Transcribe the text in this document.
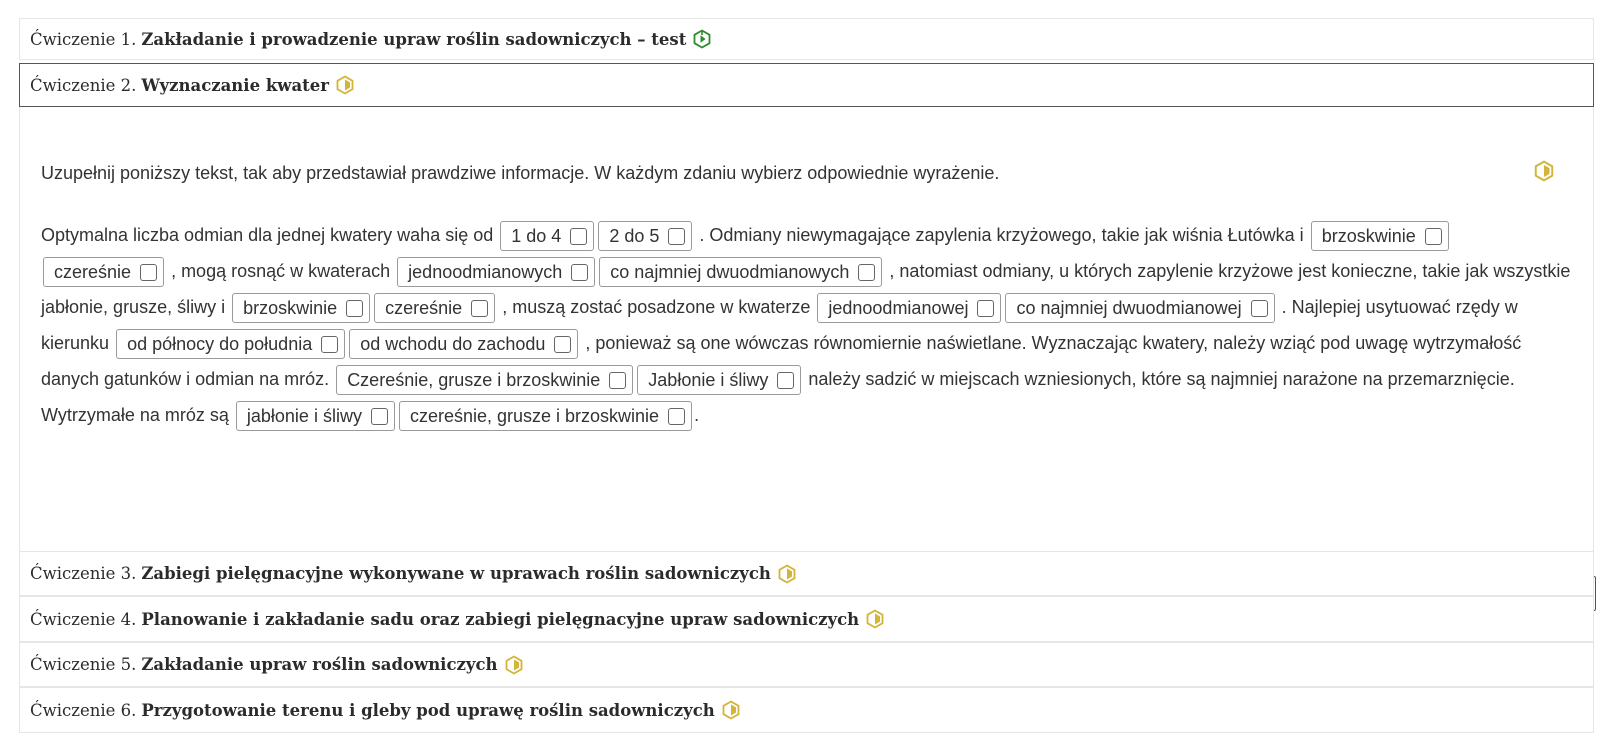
Ćwiczenie 1. Zakładanie i prowadzenie upraw roślin sadowniczych – test
Ćwiczenie 2. Wyznaczanie kwater
Uzupełnij poniższy tekst, tak aby przedstawiał prawdziwe informacje. W każdym zdaniu wybierz odpowiednie wyrażenie.
Optymalna liczba odmian dla jednej kwatery waha się od 1 do 4	2 do 5 . Odmiany niewymagające zapylenia krzyżowego, takie jak wiśnia Łutówka i brzoskwinie
czereśnie , mogą rosnąć w kwaterach jednoodmianowych	co najmniej dwuodmianowych , natomiast odmiany, u których zapylenie krzyżowe jest konieczne, takie jak wszystkie jabłonie, grusze, śliwy i brzoskwinie	czereśnie , muszą zostać posadzone w kwaterze jednoodmianowej	co najmniej dwuodmianowej . Najlepiej usytuować rzędy w kierunku od północy do południa	od wchodu do zachodu , ponieważ są one wówczas równomiernie naświetlane. Wyznaczając kwatery, należy wziąć pod uwagę wytrzymałość danych gatunków i odmian na mróz. Czereśnie, grusze i brzoskwinie	Jabłonie i śliwy należy sadzić w miejscach wzniesionych, które są najmniej narażone na przemarznięcie. Wytrzymałe na mróz są jabłonie i śliwy	czereśnie, grusze i brzoskwinie .
Ćwiczenie 3. Zabiegi pielęgnacyjne wykonywane w uprawach roślin sadowniczych
Ćwiczenie 4. Planowanie i zakładanie sadu oraz zabiegi pielęgnacyjne upraw sadowniczych
Ćwiczenie 5. Zakładanie upraw roślin sadowniczych
Ćwiczenie 6. Przygotowanie terenu i gleby pod uprawę roślin sadowniczych
